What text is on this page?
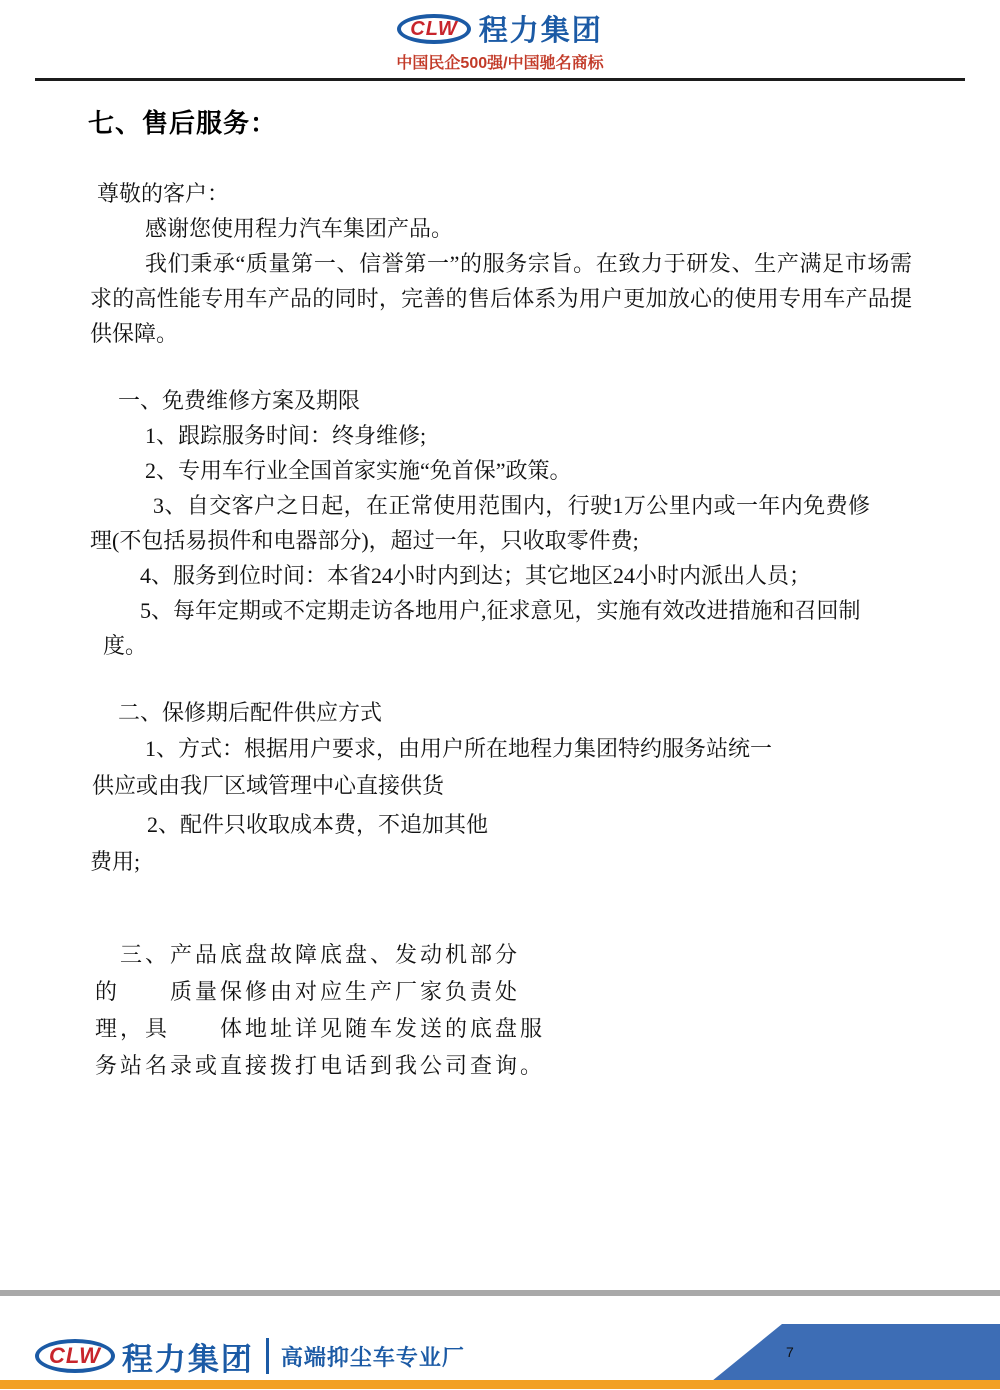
CLW 程力集团
中国民企500强/中国驰名商标
七、售后服务：

尊敬的客户：

感谢您使用程力汽车集团产品。

我们秉承“质量第一、信誉第一”的服务宗旨。在致力于研发、生产满足市场需求的高性能专用车产品的同时，完善的售后体系为用户更加放心的使用专用车产品提供保障。

一、免费维修方案及期限

1、跟踪服务时间：终身维修;

2、专用车行业全国首家实施“免首保”政策。

3、自交客户之日起，在正常使用范围内，行驶1万公里内或一年内免费修理(不包括易损件和电器部分)，超过一年，只收取零件费;

4、服务到位时间：本省24小时内到达；其它地区24小时内派出人员；

5、每年定期或不定期走访各地用户,征求意见，实施有效改进措施和召回制度。

二、保修期后配件供应方式

1、方式：根据用户要求，由用户所在地程力集团特约服务站统一供应或由我厂区域管理中心直接供货

2、配件只收取成本费，不追加其他费用;

三、产品底盘故障底盘、发动机部分
的　　质量保修由对应生产厂家负责处
理，具　　体地址详见随车发送的底盘服
务站名录或直接拨打电话到我公司查询。
CLW 程力集团 高端抑尘车专业厂	7
